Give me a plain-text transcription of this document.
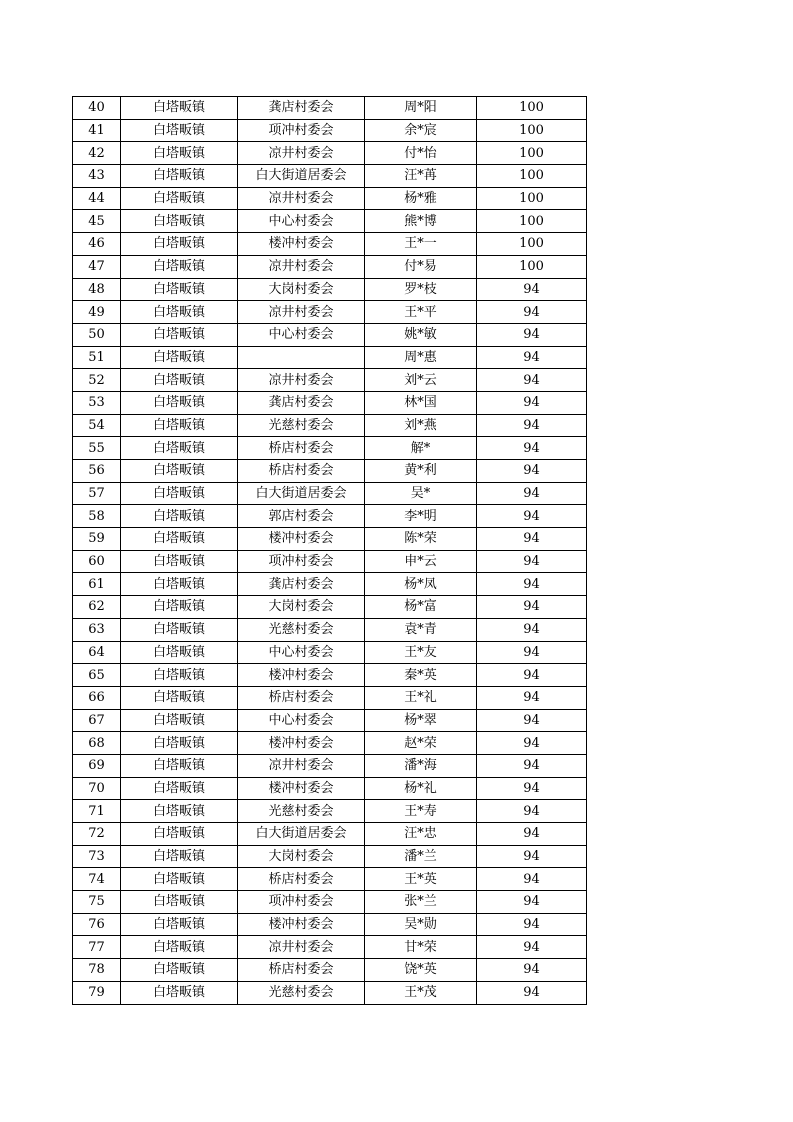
40	白塔畈镇	龚店村委会	周*阳	100
41	白塔畈镇	项冲村委会	余*宸	100
42	白塔畈镇	凉井村委会	付*怡	100
43	白塔畈镇	白大街道居委会	汪*苒	100
44	白塔畈镇	凉井村委会	杨*雅	100
45	白塔畈镇	中心村委会	熊*博	100
46	白塔畈镇	楼冲村委会	王*一	100
47	白塔畈镇	凉井村委会	付*易	100
48	白塔畈镇	大岗村委会	罗*枝	94
49	白塔畈镇	凉井村委会	王*平	94
50	白塔畈镇	中心村委会	姚*敏	94
51	白塔畈镇		周*惠	94
52	白塔畈镇	凉井村委会	刘*云	94
53	白塔畈镇	龚店村委会	林*国	94
54	白塔畈镇	光慈村委会	刘*燕	94
55	白塔畈镇	桥店村委会	解*	94
56	白塔畈镇	桥店村委会	黄*利	94
57	白塔畈镇	白大街道居委会	吴*	94
58	白塔畈镇	郭店村委会	李*明	94
59	白塔畈镇	楼冲村委会	陈*荣	94
60	白塔畈镇	项冲村委会	申*云	94
61	白塔畈镇	龚店村委会	杨*凤	94
62	白塔畈镇	大岗村委会	杨*富	94
63	白塔畈镇	光慈村委会	袁*青	94
64	白塔畈镇	中心村委会	王*友	94
65	白塔畈镇	楼冲村委会	秦*英	94
66	白塔畈镇	桥店村委会	王*礼	94
67	白塔畈镇	中心村委会	杨*翠	94
68	白塔畈镇	楼冲村委会	赵*荣	94
69	白塔畈镇	凉井村委会	潘*海	94
70	白塔畈镇	楼冲村委会	杨*礼	94
71	白塔畈镇	光慈村委会	王*寿	94
72	白塔畈镇	白大街道居委会	汪*忠	94
73	白塔畈镇	大岗村委会	潘*兰	94
74	白塔畈镇	桥店村委会	王*英	94
75	白塔畈镇	项冲村委会	张*兰	94
76	白塔畈镇	楼冲村委会	吴*勋	94
77	白塔畈镇	凉井村委会	甘*荣	94
78	白塔畈镇	桥店村委会	饶*英	94
79	白塔畈镇	光慈村委会	王*茂	94
